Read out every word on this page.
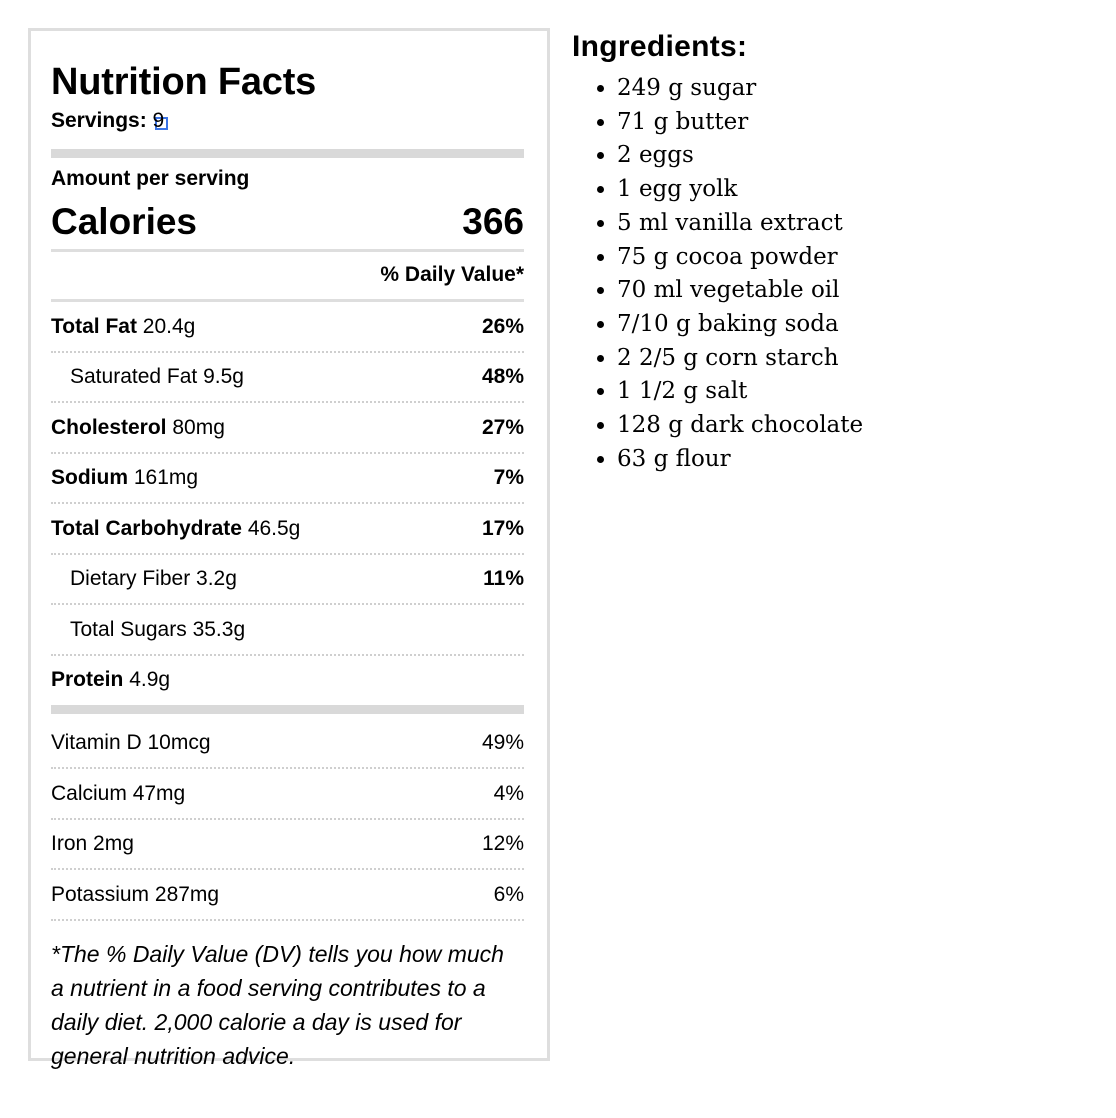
Nutrition Facts
Servings: 9
Amount per serving
Calories	366
% Daily Value*
Total Fat 20.4g	26%
Saturated Fat 9.5g	48%
Cholesterol 80mg	27%
Sodium 161mg	7%
Total Carbohydrate 46.5g	17%
Dietary Fiber 3.2g	11%
Total Sugars 35.3g
Protein 4.9g
Vitamin D 10mcg	49%
Calcium 47mg	4%
Iron 2mg	12%
Potassium 287mg	6%
*The % Daily Value (DV) tells you how much a nutrient in a food serving contributes to a daily diet. 2,000 calorie a day is used for general nutrition advice.
Ingredients:
• 249 g sugar
• 71 g butter
• 2 eggs
• 1 egg yolk
• 5 ml vanilla extract
• 75 g cocoa powder
• 70 ml vegetable oil
• 7/10 g baking soda
• 2 2/5 g corn starch
• 1 1/2 g salt
• 128 g dark chocolate
• 63 g flour
